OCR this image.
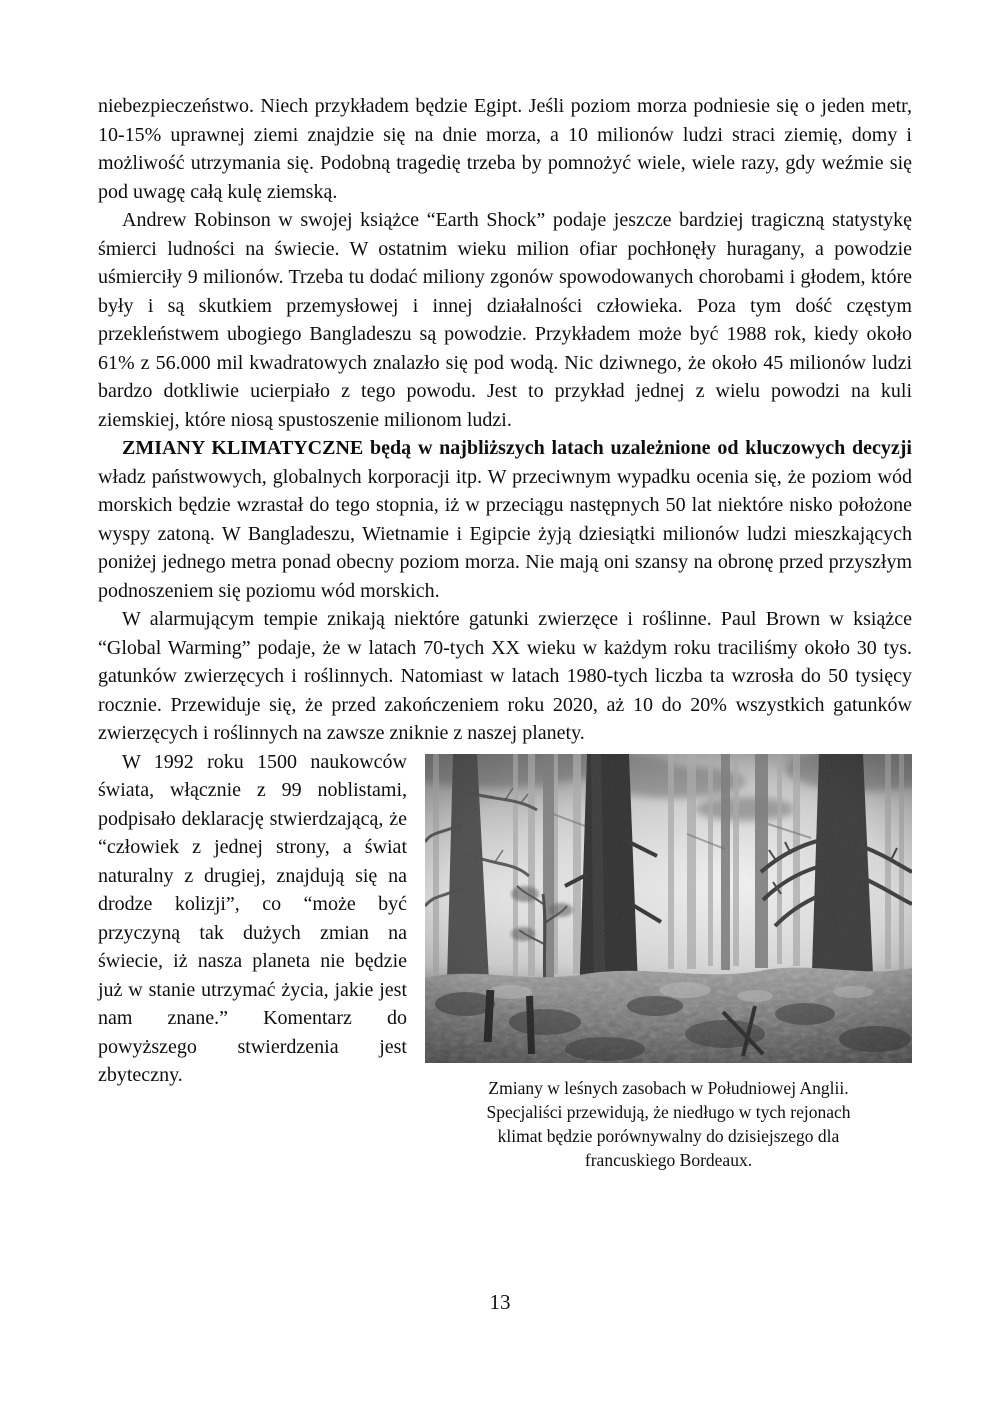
niebezpieczeństwo. Niech przykładem będzie Egipt. Jeśli poziom morza podniesie się o jeden metr, 10-15% uprawnej ziemi znajdzie się na dnie morza, a 10 milionów ludzi straci ziemię, domy i możliwość utrzymania się. Podobną tragedię trzeba by pomnożyć wiele, wiele razy, gdy weźmie się pod uwagę całą kulę ziemską.

Andrew Robinson w swojej książce “Earth Shock” podaje jeszcze bardziej tragiczną statystykę śmierci ludności na świecie. W ostatnim wieku milion ofiar pochłonęły huragany, a powodzie uśmierciły 9 milionów. Trzeba tu dodać miliony zgonów spowodowanych chorobami i głodem, które były i są skutkiem przemysłowej i innej działalności człowieka. Poza tym dość częstym przekleństwem ubogiego Bangladeszu są powodzie. Przykładem może być 1988 rok, kiedy około 61% z 56.000 mil kwadratowych znalazło się pod wodą. Nic dziwnego, że około 45 milionów ludzi bardzo dotkliwie ucierpiało z tego powodu. Jest to przykład jednej z wielu powodzi na kuli ziemskiej, które niosą spustoszenie milionom ludzi.

ZMIANY KLIMATYCZNE będą w najbliższych latach uzależnione od kluczowych decyzji władz państwowych, globalnych korporacji itp. W przeciwnym wypadku ocenia się, że poziom wód morskich będzie wzrastał do tego stopnia, iż w przeciągu następnych 50 lat niektóre nisko położone wyspy zatoną. W Bangladeszu, Wietnamie i Egipcie żyją dziesiątki milionów ludzi mieszkających poniżej jednego metra ponad obecny poziom morza. Nie mają oni szansy na obronę przed przyszłym podnoszeniem się poziomu wód morskich.

W alarmującym tempie znikają niektóre gatunki zwierzęce i roślinne. Paul Brown w książce “Global Warming” podaje, że w latach 70-tych XX wieku w każdym roku traciliśmy około 30 tys. gatunków zwierzęcych i roślinnych. Natomiast w latach 1980-tych liczba ta wzrosła do 50 tysięcy rocznie. Przewiduje się, że przed zakończeniem roku 2020, aż 10 do 20% wszystkich gatunków zwierzęcych i roślinnych na zawsze zniknie z naszej planety.

Zmiany w leśnych zasobach w Południowej Anglii.
Specjaliści przewidują, że niedługo w tych rejonach
klimat będzie porównywalny do dzisiejszego dla
francuskiego Bordeaux.

W 1992 roku 1500 naukowców świata, włącznie z 99 noblistami, podpisało deklarację stwierdzającą, że “człowiek z jednej strony, a świat naturalny z drugiej, znajdują się na drodze kolizji”, co “może być przyczyną tak dużych zmian na świecie, iż nasza planeta nie będzie już w stanie utrzymać życia, jakie jest nam znane.” Komentarz do powyższego stwierdzenia jest zbyteczny.

13
